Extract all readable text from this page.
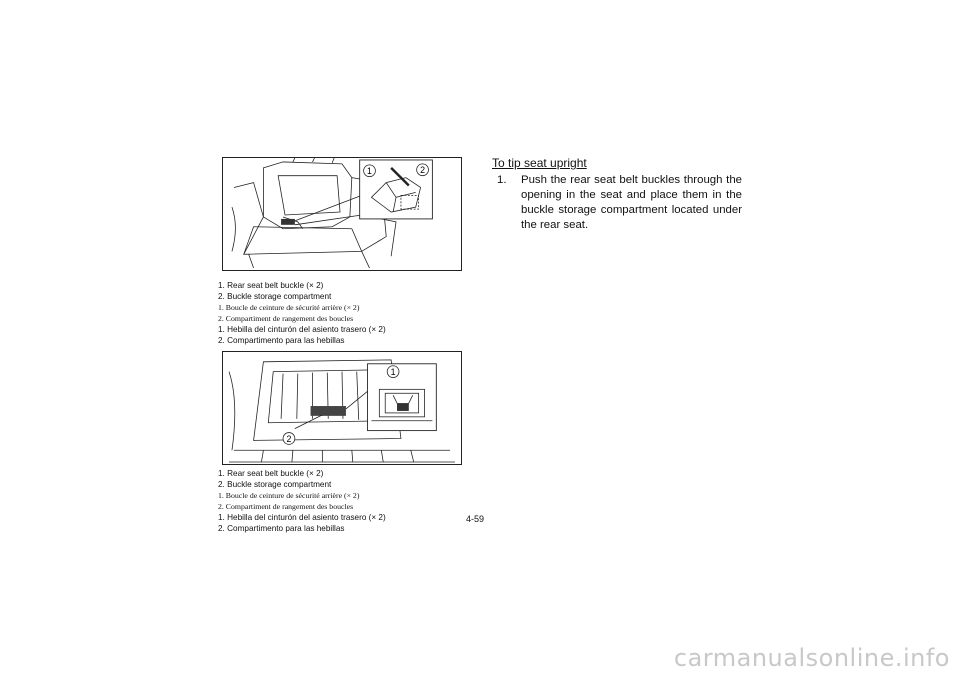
1	2
1. Rear seat belt buckle (× 2)
2. Buckle storage compartment
1. Boucle de ceinture de sécurité arrière (× 2)
2. Compartiment de rangement des boucles
1. Hebilla del cinturón del asiento trasero (× 2)
2. Compartimento para las hebillas
1
2
1. Rear seat belt buckle (× 2)
2. Buckle storage compartment
1. Boucle de ceinture de sécurité arrière (× 2)
2. Compartiment de rangement des boucles
1. Hebilla del cinturón del asiento trasero (× 2)
2. Compartimento para las hebillas
4-59
To tip seat upright
1.	Push the rear seat belt buckles through the opening in the seat and place them in the buckle storage compartment located under the rear seat.
carmanualsonline.info
